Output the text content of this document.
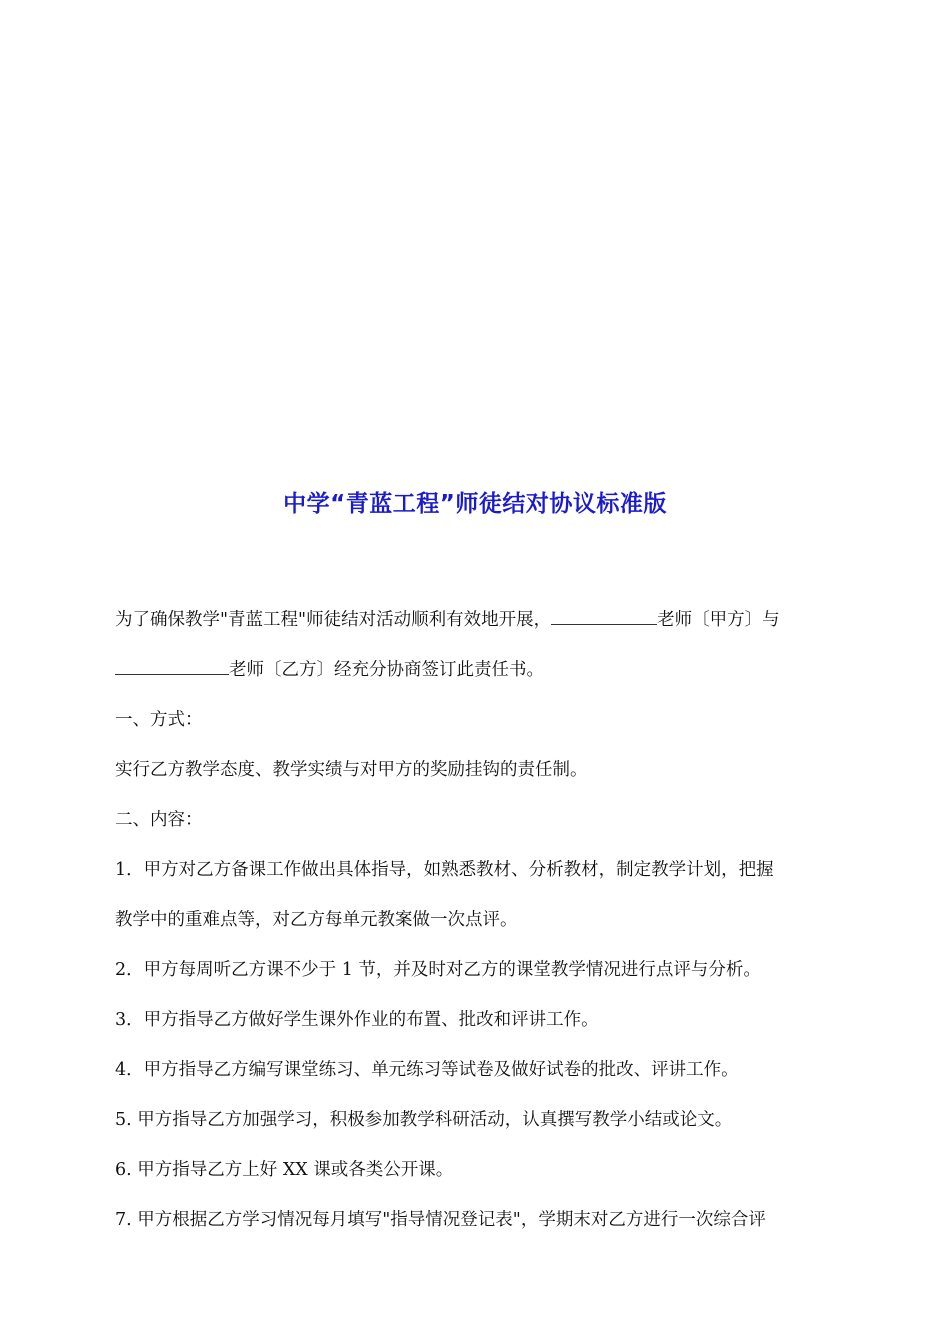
中学“青蓝工程”师徒结对协议标准版
为了确保教学"青蓝工程"师徒结对活动顺利有效地开展，	老师〔甲方〕与
老师〔乙方〕经充分协商签订此责任书。
一、方式：
实行乙方教学态度、教学实绩与对甲方的奖励挂钩的责任制。
二、内容：
1．甲方对乙方备课工作做出具体指导，如熟悉教材、分析教材，制定教学计划，把握
教学中的重难点等，对乙方每单元教案做一次点评。
2．甲方每周听乙方课不少于 1 节，并及时对乙方的课堂教学情况进行点评与分析。
3．甲方指导乙方做好学生课外作业的布置、批改和评讲工作。
4．甲方指导乙方编写课堂练习、单元练习等试卷及做好试卷的批改、评讲工作。
5. 甲方指导乙方加强学习，积极参加教学科研活动，认真撰写教学小结或论文。
6. 甲方指导乙方上好 XX 课或各类公开课。
7. 甲方根据乙方学习情况每月填写"指导情况登记表"，学期末对乙方进行一次综合评
